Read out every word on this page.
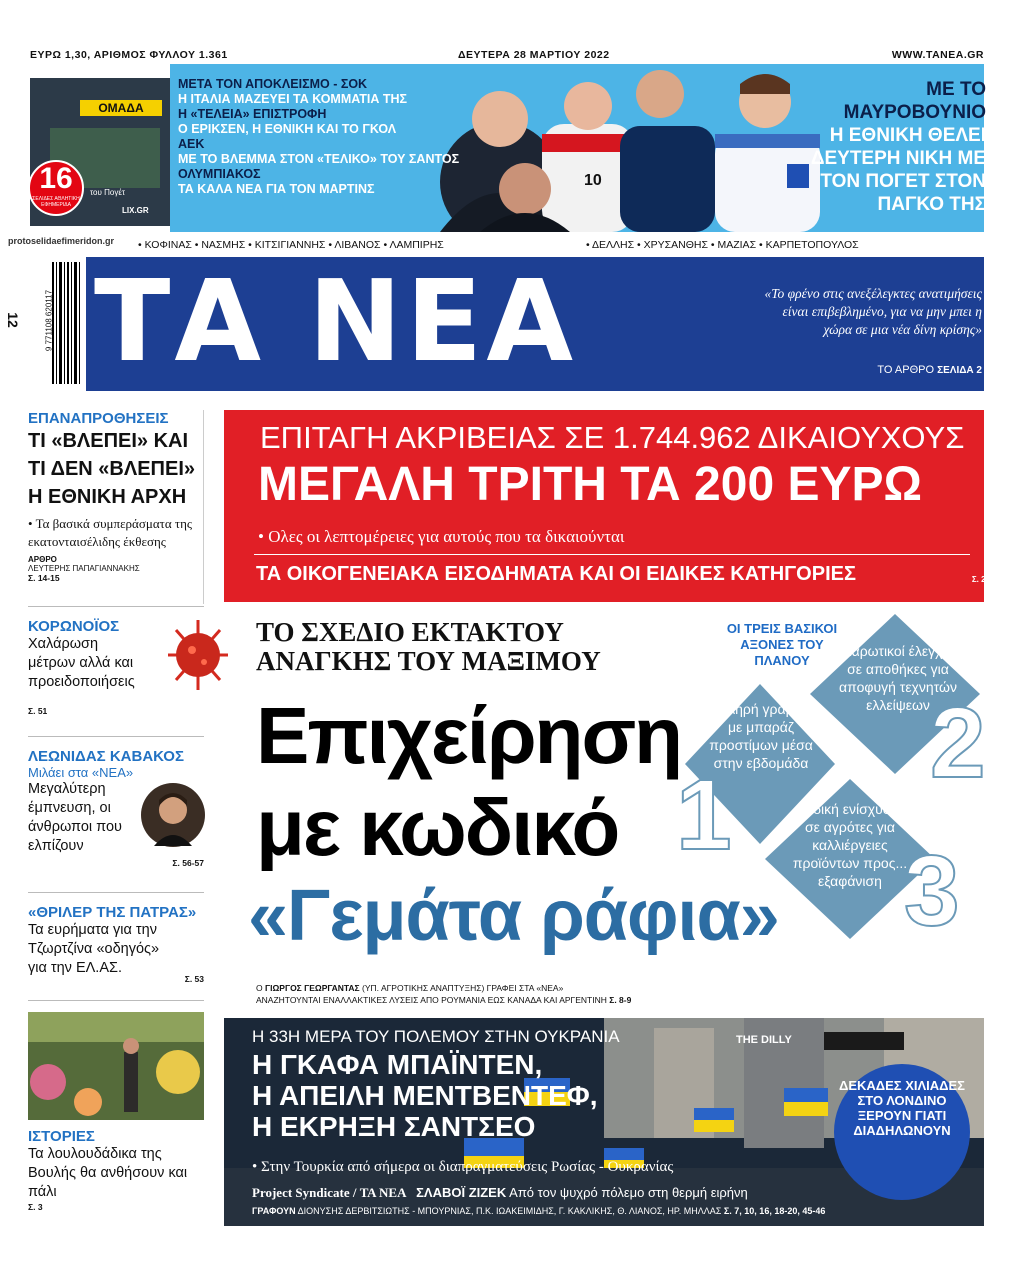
ΕΥΡΩ 1,30, ΑΡΙΘΜΟΣ ΦΥΛΛΟΥ 1.361	ΔΕΥΤΕΡΑ 28 ΜΑΡΤΙΟΥ 2022	WWW.TANEA.GR
10
ΟΜΑΔΑ
του Πογέτ
LIX.GR
16
ΣΕΛΙΔΕΣ ΑΘΛΗΤΙΚΗ ΕΦΗΜΕΡΙΔΑ
ΜΕΤΑ ΤΟΝ ΑΠΟΚΛΕΙΣΜΟ - ΣΟΚ
Η ΙΤΑΛΙΑ ΜΑΖΕΥΕΙ ΤΑ ΚΟΜΜΑΤΙΑ ΤΗΣ
Η «ΤΕΛΕΙΑ» ΕΠΙΣΤΡΟΦΗ
Ο ΕΡΙΚΣΕΝ, Η ΕΘΝΙΚΗ ΚΑΙ ΤΟ ΓΚΟΛ
ΑΕΚ
ΜΕ ΤΟ ΒΛΕΜΜΑ ΣΤΟΝ «ΤΕΛΙΚΟ» ΤΟΥ ΣΑΝΤΟΣ
ΟΛΥΜΠΙΑΚΟΣ
ΤΑ ΚΑΛΑ ΝΕΑ ΓΙΑ ΤΟΝ ΜΑΡΤΙΝΣ
ΜΕ ΤΟ ΜΑΥΡΟΒΟΥΝΙΟ
Η ΕΘΝΙΚΗ ΘΕΛΕΙ ΔΕΥΤΕΡΗ ΝΙΚΗ ΜΕ ΤΟΝ ΠΟΓΕΤ ΣΤΟΝ ΠΑΓΚΟ ΤΗΣ
protoselidaefimeridon.gr • ΚΟΦΙΝΑΣ • ΝΑΣΜΗΣ • ΚΙΤΣΙΓΙΑΝΝΗΣ • ΛΙΒΑΝΟΣ • ΛΑΜΠΙΡΗΣ	• ΔΕΛΛΗΣ • ΧΡΥΣΑΝΘΗΣ • ΜΑΖΙΑΣ • ΚΑΡΠΕΤΟΠΟΥΛΟΣ
12	9 771108 620117 ΤΑ ΝΕΑ	«Το φρένο στις ανεξέλεγκτες ανατιμήσεις είναι επιβεβλημένο, για να μην μπει η χώρα σε μια νέα δίνη κρίσης»
ΤΟ ΑΡΘΡΟ ΣΕΛΙΔΑ 2
ΕΠΑΝΑΠΡΟΘΗΣΕΙΣ
ΤΙ «ΒΛΕΠΕΙ» ΚΑΙ ΤΙ ΔΕΝ «ΒΛΕΠΕΙ» Η ΕΘΝΙΚΗ ΑΡΧΗ
• Τα βασικά συμπεράσματα της εκατονταισέλιδης έκθεσης
ΑΡΘΡΟ
ΛΕΥΤΕΡΗΣ ΠΑΠΑΓΙΑΝΝΑΚΗΣ
Σ. 14-15
ΚΟΡΩΝΟΪΟΣ
Χαλάρωση μέτρων αλλά και προειδοποιήσεις
Σ. 51
ΛΕΩΝΙΔΑΣ ΚΑΒΑΚΟΣ
Μιλάει στα «ΝΕΑ»
Μεγαλύτερη έμπνευση, οι άνθρωποι που ελπίζουν
Σ. 56-57
«ΘΡΙΛΕΡ ΤΗΣ ΠΑΤΡΑΣ»
Τα ευρήματα για την Τζωρτζίνα «οδηγός» για την ΕΛ.ΑΣ.
Σ. 53
ΙΣΤΟΡΙΕΣ
Τα λουλουδάδικα της Βουλής θα ανθήσουν και πάλι
Σ. 3
ΕΠΙΤΑΓΗ ΑΚΡΙΒΕΙΑΣ ΣΕ 1.744.962 ΔΙΚΑΙΟΥΧΟΥΣ
ΜΕΓΑΛΗ ΤΡΙΤΗ ΤΑ 200 ΕΥΡΩ
• Ολες οι λεπτομέρειες για αυτούς που τα δικαιούνται
ΤΑ ΟΙΚΟΓΕΝΕΙΑΚΑ ΕΙΣΟΔΗΜΑΤΑ ΚΑΙ ΟΙ ΕΙΔΙΚΕΣ ΚΑΤΗΓΟΡΙΕΣ	Σ. 23
ΤΟ ΣΧΕΔΙΟ ΕΚΤΑΚΤΟΥ
ΑΝΑΓΚΗΣ ΤΟΥ ΜΑΞΙΜΟΥ
Επιχείρηση
με κωδικό
«Γεμάτα ράφια»
ΟΙ ΤΡΕΙΣ ΒΑΣΙΚΟΙ ΑΞΟΝΕΣ ΤΟΥ ΠΛΑΝΟΥ
Σκληρή γραμμή με μπαράζ προστίμων μέσα στην εβδομάδα
1
Σαρωτικοί έλεγχοι σε αποθήκες για αποφυγή τεχνητών ελλείψεων 2
Ειδική ενίσχυση σε αγρότες για καλλιέργειες προϊόντων προς... εξαφάνιση 3
Ο ΓΙΩΡΓΟΣ ΓΕΩΡΓΑΝΤΑΣ (ΥΠ. ΑΓΡΟΤΙΚΗΣ ΑΝΑΠΤΥΞΗΣ) ΓΡΑΦΕΙ ΣΤΑ «ΝΕΑ»
ΑΝΑΖΗΤΟΥΝΤΑΙ ΕΝΑΛΛΑΚΤΙΚΕΣ ΛΥΣΕΙΣ ΑΠΟ ΡΟΥΜΑΝΙΑ ΕΩΣ ΚΑΝΑΔΑ ΚΑΙ ΑΡΓΕΝΤΙΝΗ Σ. 8-9
THE DILLY
Η 33Η ΜΕΡΑ ΤΟΥ ΠΟΛΕΜΟΥ ΣΤΗΝ ΟΥΚΡΑΝΙΑ
Η ΓΚΑΦΑ ΜΠΑΪΝΤΕΝ,
Η ΑΠΕΙΛΗ ΜΕΝΤΒΕΝΤΕΦ,
Η ΕΚΡΗΞΗ ΣΑΝΤΣΕΟ
• Στην Τουρκία από σήμερα οι διαπραγματεύσεις Ρωσίας - Ουκρανίας
Project Syndicate / ΤΑ ΝΕΑ ΣΛΑΒΟΪ ΖΙΖΕΚ Από τον ψυχρό πόλεμο στη θερμή ειρήνη
ΓΡΑΦΟΥΝ ΔΙΟΝΥΣΗΣ ΔΕΡΒΙΤΣΙΩΤΗΣ - ΜΠΟΥΡΝΙΑΣ, Π.Κ. ΙΩΑΚΕΙΜΙΔΗΣ, Γ. ΚΑΚΛΙΚΗΣ, Θ. ΛΙΑΝΟΣ, ΗΡ. ΜΗΛΛΑΣ Σ. 7, 10, 16, 18-20, 45-46
ΔΕΚΑΔΕΣ ΧΙΛΙΑΔΕΣ ΣΤΟ ΛΟΝΔΙΝΟ ΞΕΡΟΥΝ ΓΙΑΤΙ ΔΙΑΔΗΛΩΝΟΥΝ
